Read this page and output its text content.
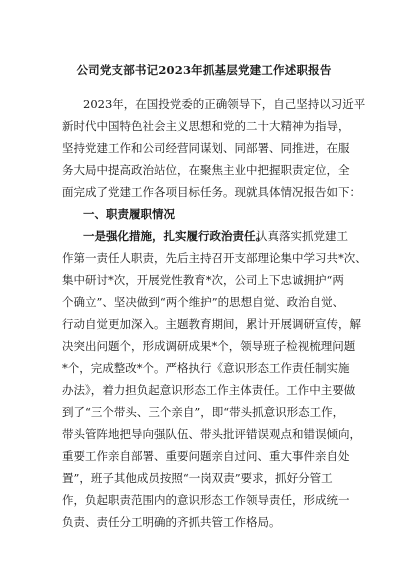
公司党支部书记2023年抓基层党建工作述职报告
2023年，在国投党委的正确领导下，自己坚持以习近平
新时代中国特色社会主义思想和党的二十大精神为指导，
坚持党建工作和公司经营同谋划、同部署、同推进，在服
务大局中提高政治站位，在聚焦主业中把握职责定位，全
面完成了党建工作各项目标任务。现就具体情况报告如下：
一、职责履职情况
一是强化措施，扎实履行政治责任。
认真落实抓党建工
作第一责任人职责，先后主持召开支部理论集中学习共*次、
集中研讨*次，开展党性教育*次，公司上下忠诚拥护“两
个确立”、坚决做到“两个维护”的思想自觉、政治自觉、
行动自觉更加深入。主题教育期间，累计开展调研宣传，解
决突出问题个，形成调研成果*个，领导班子检视梳理问题
*个，完成整改*个。严格执行《意识形态工作责任制实施
办法》，着力担负起意识形态工作主体责任。工作中主要做
到了“三个带头、三个亲自”，即“带头抓意识形态工作，
带头管阵地把导向强队伍、带头批评错误观点和错误倾向，
重要工作亲自部署、重要问题亲自过问、重大事件亲自处
置”，班子其他成员按照“一岗双责”要求，抓好分管工
作，负起职责范围内的意识形态工作领导责任，形成统一
负责、责任分工明确的齐抓共管工作格局。
